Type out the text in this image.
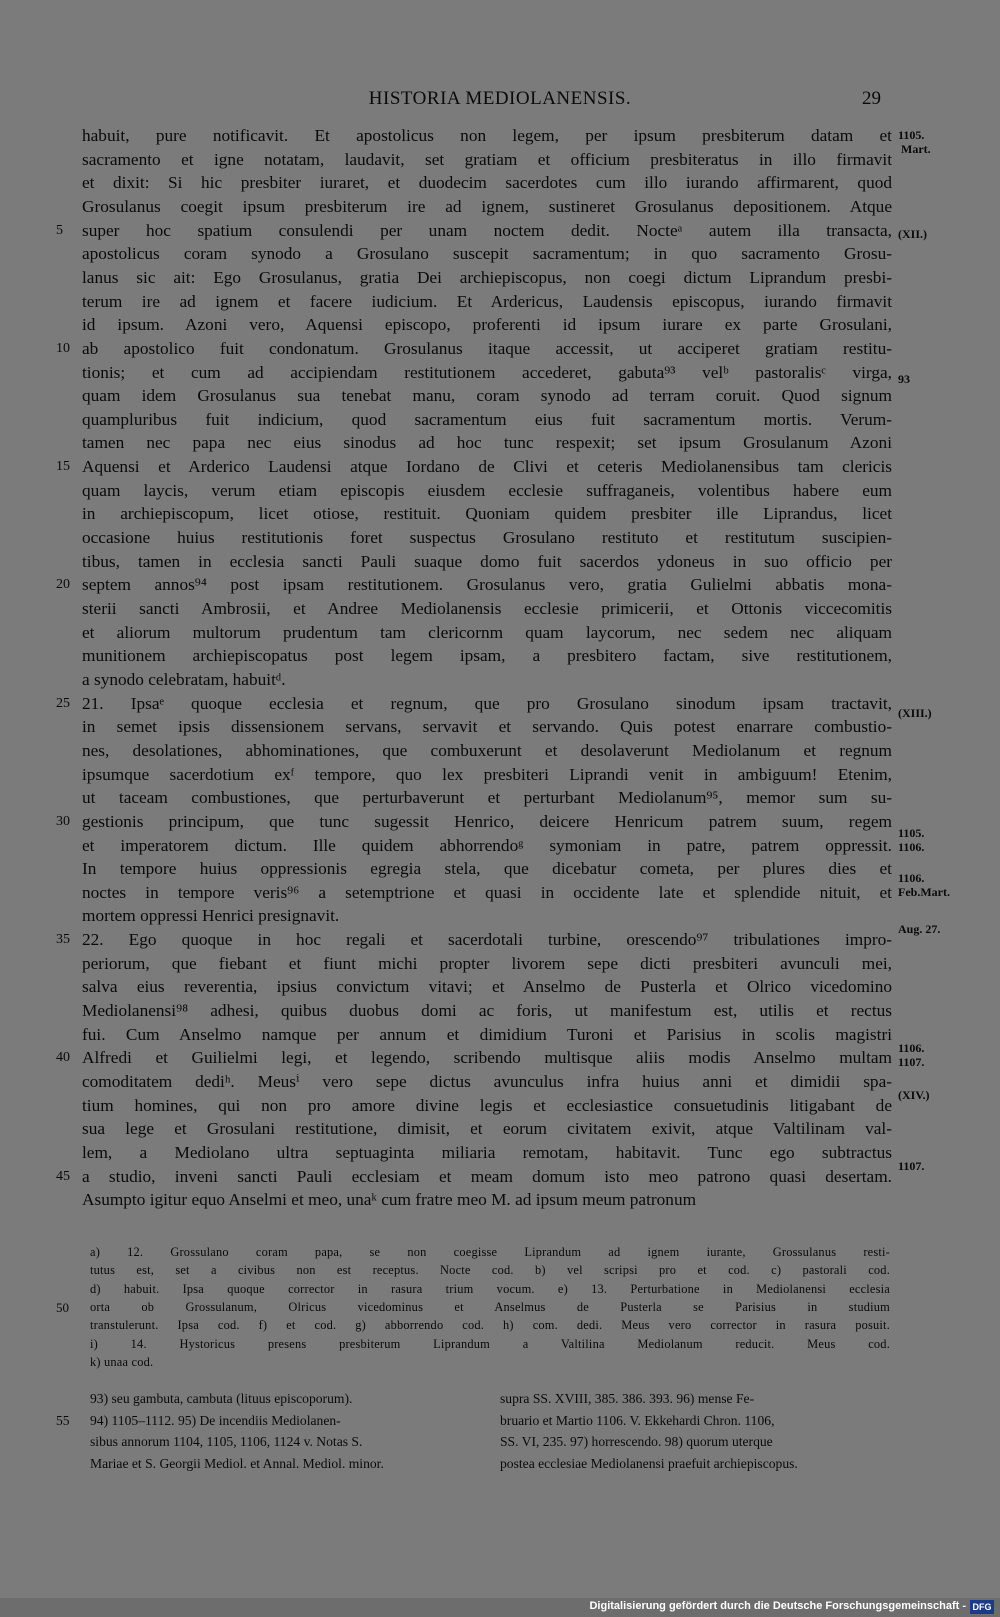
HISTORIA MEDIOLANENSIS.	29
habuit, pure notificavit. Et apostolicus non legem, per ipsum presbiterum datam et
sacramento et igne notatam, laudavit, set gratiam et officium presbiteratus in illo firmavit
et dixit: Si hic presbiter iuraret, et duodecim sacerdotes cum illo iurando affirmarent, quod
Grosulanus coegit ipsum presbiterum ire ad ignem, sustineret Grosulanus depositionem. Atque
5	super hoc spatium consulendi per unam noctem dedit. Nocteᵃ autem illa transacta,
apostolicus coram synodo a Grosulano suscepit sacramentum; in quo sacramento Grosu-
lanus sic ait: Ego Grosulanus, gratia Dei archiepiscopus, non coegi dictum Liprandum presbi-
terum ire ad ignem et facere iudicium. Et Ardericus, Laudensis episcopus, iurando firmavit
id ipsum. Azoni vero, Aquensi episcopo, proferenti id ipsum iurare ex parte Grosulani,
10 ab apostolico fuit condonatum. Grosulanus itaque accessit, ut acciperet gratiam restitu-
tionis; et cum ad accipiendam restitutionem accederet, gabuta⁹³ velᵇ pastoralisᶜ virga,
quam idem Grosulanus sua tenebat manu, coram synodo ad terram coruit. Quod signum
quampluribus fuit indicium, quod sacramentum eius fuit sacramentum mortis. Verum-
tamen nec papa nec eius sinodus ad hoc tunc respexit; set ipsum Grosulanum Azoni
15 Aquensi et Arderico Laudensi atque Iordano de Clivi et ceteris Mediolanensibus tam clericis
quam laycis, verum etiam episcopis eiusdem ecclesie suffraganeis, volentibus habere eum
in archiepiscopum, licet otiose, restituit. Quoniam quidem presbiter ille Liprandus, licet
occasione huius restitutionis foret suspectus Grosulano restituto et restitutum suscipien-
tibus, tamen in ecclesia sancti Pauli suaque domo fuit sacerdos ydoneus in suo officio per
20 septem annos⁹⁴ post ipsam restitutionem. Grosulanus vero, gratia Gulielmi abbatis mona-
sterii sancti Ambrosii, et Andree Mediolanensis ecclesie primicerii, et Ottonis viccecomitis
et aliorum multorum prudentum tam clericornm quam laycorum, nec sedem nec aliquam
munitionem archiepiscopatus post legem ipsam, a presbitero factam, sive restitutionem,
a synodo celebratam, habuitᵈ.
25 21. Ipsaᵉ quoque ecclesia et regnum, que pro Grosulano sinodum ipsam tractavit,
in semet ipsis dissensionem servans, servavit et servando. Quis potest enarrare combustio-
nes, desolationes, abhominationes, que combuxerunt et desolaverunt Mediolanum et regnum
ipsumque sacerdotium exᶠ tempore, quo lex presbiteri Liprandi venit in ambiguum! Etenim,
ut taceam combustiones, que perturbaverunt et perturbant Mediolanum⁹⁵, memor sum su-
30 gestionis principum, que tunc sugessit Henrico, deicere Henricum patrem suum, regem
et imperatorem dictum. Ille quidem abhorrendoᵍ symoniam in patre, patrem oppressit.
In tempore huius oppressionis egregia stela, que dicebatur cometa, per plures dies et
noctes in tempore veris⁹⁶ a setemptrione et quasi in occidente late et splendide nituit, et
mortem oppressi Henrici presignavit.
35 22. Ego quoque in hoc regali et sacerdotali turbine, orescendo⁹⁷ tribulationes impro-
periorum, que fiebant et fiunt michi propter livorem sepe dicti presbiteri avunculi mei,
salva eius reverentia, ipsius convictum vitavi; et Anselmo de Pusterla et Olrico vicedomino
Mediolanensi⁹⁸ adhesi, quibus duobus domi ac foris, ut manifestum est, utilis et rectus
fui. Cum Anselmo namque per annum et dimidium Turoni et Parisius in scolis magistri
40 Alfredi et Guilielmi legi, et legendo, scribendo multisque aliis modis Anselmo multam
comoditatem dediʰ. Meusⁱ vero sepe dictus avunculus infra huius anni et dimidii spa-
tium homines, qui non pro amore divine legis et ecclesiastice consuetudinis litigabant de
sua lege et Grosulani restitutione, dimisit, et eorum civitatem exivit, atque Valtilinam val-
lem, a Mediolano ultra septuaginta miliaria remotam, habitavit. Tunc ego subtractus
45 a studio, inveni sancti Pauli ecclesiam et meam domum isto meo patrono quasi desertam.
Asumpto igitur equo Anselmi et meo, unaᵏ cum fratre meo M. ad ipsum meum patronum
1105.
Mart.
(XII.)
93
(XIII.)
1105.
1106.
1106.
Feb.Mart.
Aug. 27.
1106.
1107.
(XIV.)
1107.
a) 12. Grossulano coram papa, se non coegisse Liprandum ad ignem iurante, Grossulanus resti-
tutus est, set a civibus non est receptus. Nocte cod. b) vel scripsi pro et cod. c) pastorali cod.
d) habuit. Ipsa quoque corrector in rasura trium vocum. e) 13. Perturbatione in Mediolanensi ecclesia
50 orta ob Grossulanum, Olricus vicedominus et Anselmus de Pusterla se Parisius in studium
transtulerunt. Ipsa cod. f) et cod. g) abborrendo cod. h) com. dedi. Meus vero corrector in rasura posuit.
i) 14. Hystoricus presens presbiterum Liprandum a Valtilina Mediolanum reducit. Meus cod.
k) unaa cod.
93) seu gambuta, cambuta (lituus episcoporum).
55 94) 1105–1112. 95) De incendiis Mediolanen-
sibus annorum 1104, 1105, 1106, 1124 v. Notas S.
Mariae et S. Georgii Mediol. et Annal. Mediol. minor.
supra SS. XVIII, 385. 386. 393. 96) mense Fe-
bruario et Martio 1106. V. Ekkehardi Chron. 1106,
SS. VI, 235. 97) horrescendo. 98) quorum uterque
postea ecclesiae Mediolanensi praefuit archiepiscopus.
Digitalisierung gefördert durch die Deutsche Forschungsgemeinschaft - DFG
